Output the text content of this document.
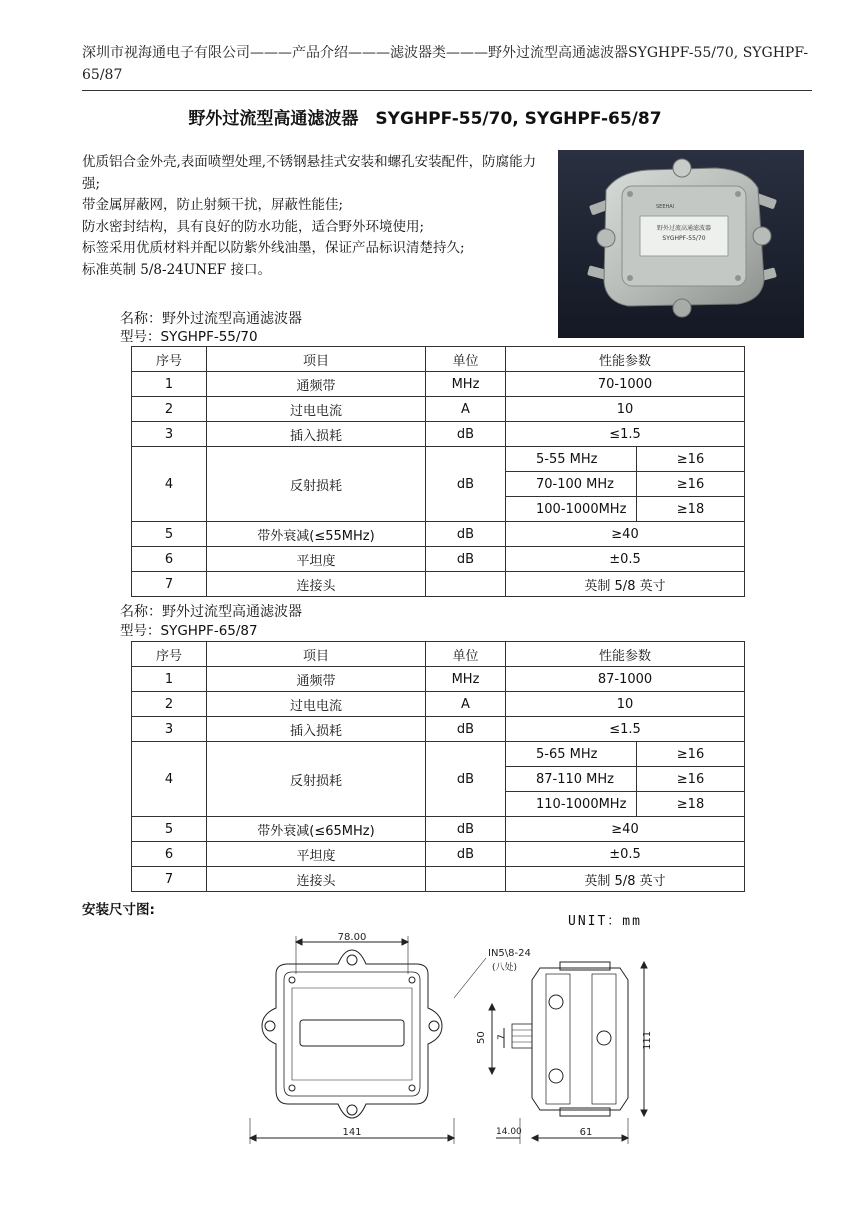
深圳市视海通电子有限公司———产品介绍———滤波器类———野外过流型高通滤波器SYGHPF-55/70, SYGHPF-65/87
野外过流型高通滤波器　SYGHPF-55/70, SYGHPF-65/87

优质铝合金外壳,表面喷塑处理,不锈钢悬挂式安装和螺孔安装配件，防腐能力强;

带金属屏蔽网，防止射频干扰，屏蔽性能佳;

防水密封结构，具有良好的防水功能，适合野外环境使用;

标签采用优质材料并配以防紫外线油墨，保证产品标识清楚持久;

标准英制 5/8-24UNEF 接口。

野外过流高通滤波器
SYGHPF-55/70
SEEHAI
名称：野外过流型高通滤波器
型号：SYGHPF-55/70
序号	项目	单位	性能参数	
1	通频带	MHz	70-1000	
2	过电电流	A	10	
3	插入损耗	dB	≤1.5	
4	反射损耗	dB	5-55 MHz	≥16
			70-100 MHz	≥16
			100-1000MHz	≥18
5	带外衰减(≤55MHz)	dB	≥40	
6	平坦度	dB	±0.5	
7	连接头		英制 5/8 英寸	
名称：野外过流型高通滤波器
型号：SYGHPF-65/87
序号	项目	单位	性能参数	
1	通频带	MHz	87-1000	
2	过电电流	A	10	
3	插入损耗	dB	≤1.5	
4	反射损耗	dB	5-65 MHz	≥16
			87-110 MHz	≥16
			110-1000MHz	≥18
5	带外衰减(≤65MHz)	dB	≥40	
6	平坦度	dB	±0.5	
7	连接头		英制 5/8 英寸	
安装尺寸图:
UNIT：mm
78.00
141
IN5\8-24
(八处)
50 7	111
14.00	61
